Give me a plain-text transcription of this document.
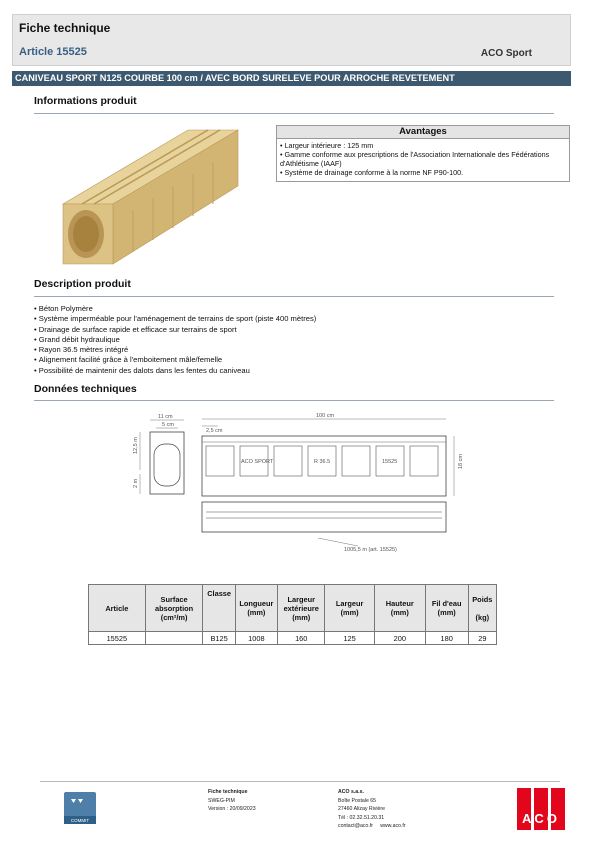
Fiche technique
Article 15525	ACO Sport
CANIVEAU SPORT N125 COURBE 100 cm / AVEC BORD SURELEVE POUR ARROCHE REVETEMENT
Informations produit
Avantages
• Largeur intérieure : 125 mm
• Gamme conforme aux prescriptions de l'Association Internationale des Fédérations d'Athlétisme (IAAF)
• Système de drainage conforme à la norme NF P90-100.
Description produit
• Béton Polymère
• Système imperméable pour l'aménagement de terrains de sport (piste 400 mètres)
• Drainage de surface rapide et efficace sur terrains de sport
• Grand débit hydraulique
• Rayon 36.5 mètres intégré
• Alignement facilité grâce à l'emboitement mâle/femelle
• Possibilité de maintenir des dalots dans les fentes du caniveau
Données techniques
11 cm
5 cm
12,5 m
2 m
100 cm
2,5 cm
ACO SPORT	R 36.5	15525	18 cm
1005,5 m (art. 15525)
Article	Surface
absorption
(cm²/m)	Classe	Longueur
(mm)	Largeur
extérieure
(mm)	Largeur
(mm)	Hauteur
(mm)	Fil d'eau
(mm)	Poids

(kg)
15525		B125	1008	160	125	200	180	29
COMMIT
Fiche technique
SWEG-PIM
Version : 20/09/2023
ACO s.a.s.
Boîte Postale 65
27460 Alizay Rivière
Tél : 02.32.51.20.31
contact@aco.fr www.aco.fr
ACO
